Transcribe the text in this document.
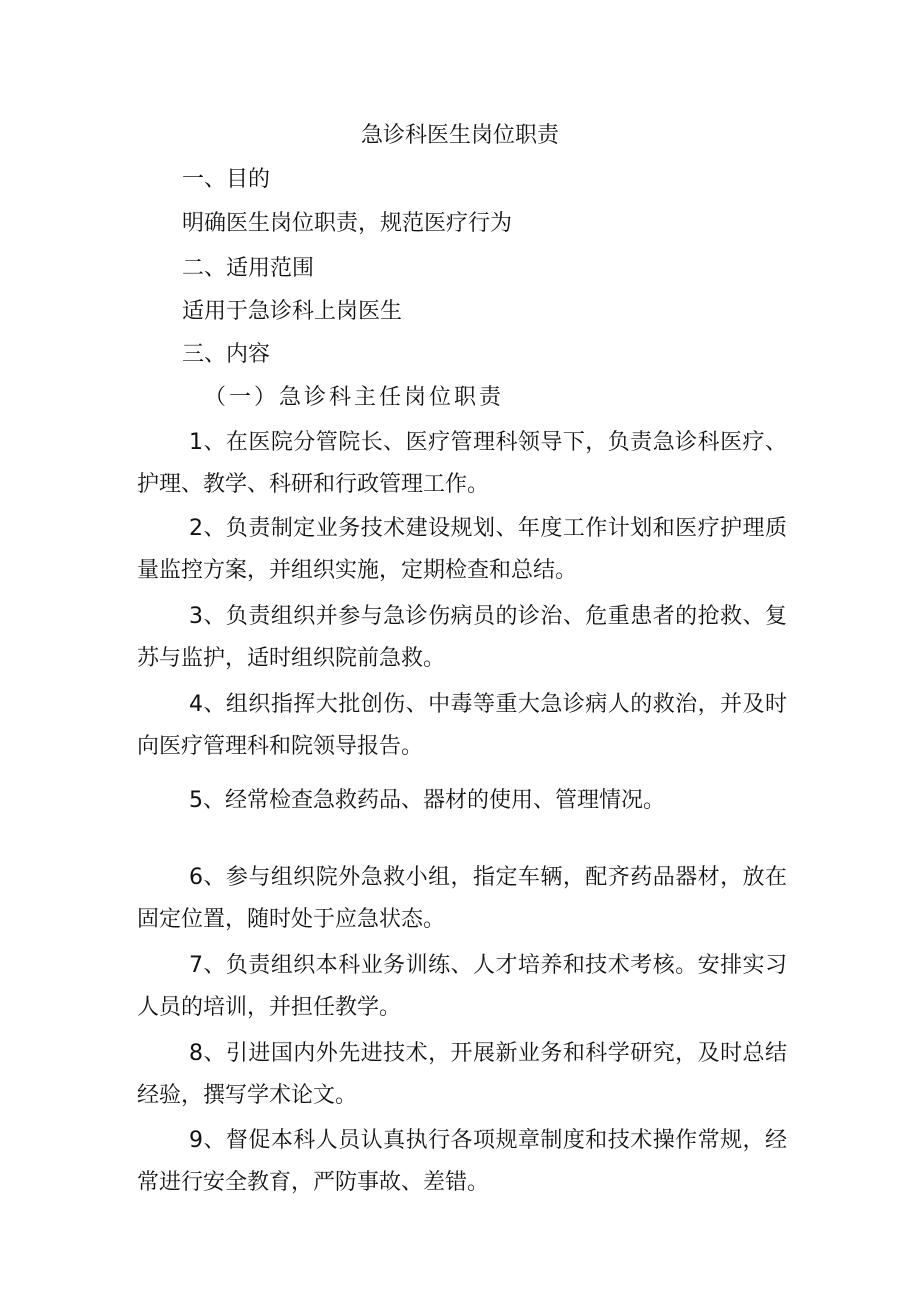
急诊科医生岗位职责
一、目的
明确医生岗位职责，规范医疗行为
二、适用范围
适用于急诊科上岗医生
三、内容
（一）急诊科主任岗位职责
1、在医院分管院长、医疗管理科领导下，负责急诊科医疗、护理、教学、科研和行政管理工作。
2、负责制定业务技术建设规划、年度工作计划和医疗护理质量监控方案，并组织实施，定期检查和总结。
3、负责组织并参与急诊伤病员的诊治、危重患者的抢救、复苏与监护，适时组织院前急救。
4、组织指挥大批创伤、中毒等重大急诊病人的救治，并及时向医疗管理科和院领导报告。
5、经常检查急救药品、器材的使用、管理情况。
6、参与组织院外急救小组，指定车辆，配齐药品器材，放在固定位置，随时处于应急状态。
7、负责组织本科业务训练、人才培养和技术考核。安排实习人员的培训，并担任教学。
8、引进国内外先进技术，开展新业务和科学研究，及时总结经验，撰写学术论文。
9、督促本科人员认真执行各项规章制度和技术操作常规，经常进行安全教育，严防事故、差错。
